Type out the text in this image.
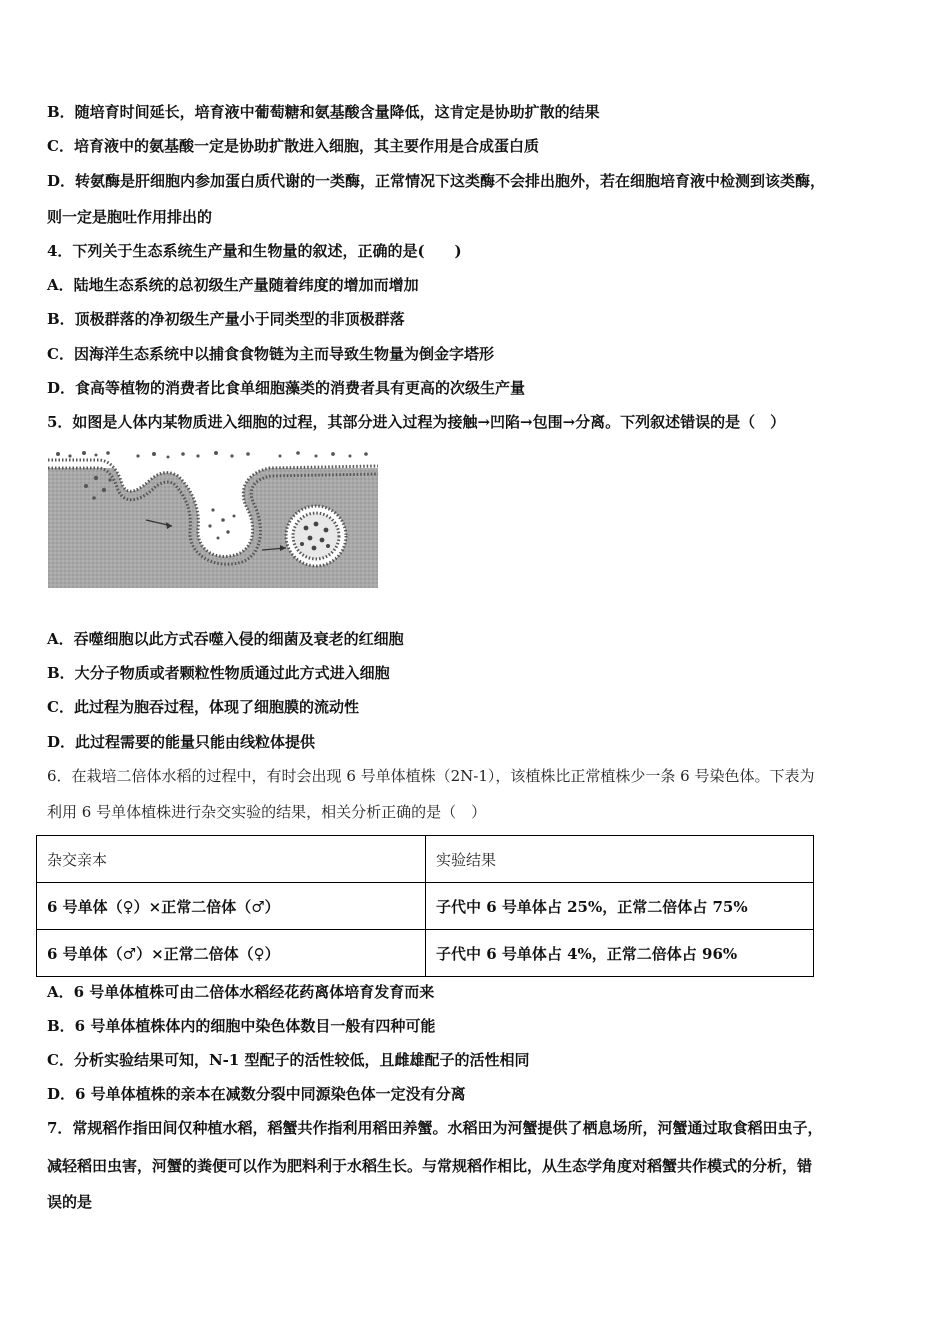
B．随培育时间延长，培育液中葡萄糖和氨基酸含量降低，这肯定是协助扩散的结果
C．培育液中的氨基酸一定是协助扩散进入细胞，其主要作用是合成蛋白质
D．转氨酶是肝细胞内参加蛋白质代谢的一类酶，正常情况下这类酶不会排出胞外，若在细胞培育液中检测到该类酶，
则一定是胞吐作用排出的
4．下列关于生态系统生产量和生物量的叙述，正确的是(　　)
A．陆地生态系统的总初级生产量随着纬度的增加而增加
B．顶极群落的净初级生产量小于同类型的非顶极群落
C．因海洋生态系统中以捕食食物链为主而导致生物量为倒金字塔形
D．食高等植物的消费者比食单细胞藻类的消费者具有更高的次级生产量
5．如图是人体内某物质进入细胞的过程，其部分进入过程为接触→凹陷→包围→分离。下列叙述错误的是（　）
A．吞噬细胞以此方式吞噬入侵的细菌及衰老的红细胞
B．大分子物质或者颗粒性物质通过此方式进入细胞
C．此过程为胞吞过程，体现了细胞膜的流动性
D．此过程需要的能量只能由线粒体提供
6．在栽培二倍体水稻的过程中，有时会出现 6 号单体植株（2N-1），该植株比正常植株少一条 6 号染色体。下表为
利用 6 号单体植株进行杂交实验的结果，相关分析正确的是（　）
杂交亲本	实验结果
6 号单体（♀）×正常二倍体（♂）	子代中 6 号单体占 25%，正常二倍体占 75%
6 号单体（♂）×正常二倍体（♀）	子代中 6 号单体占 4%，正常二倍体占 96%
A．6 号单体植株可由二倍体水稻经花药离体培育发育而来
B．6 号单体植株体内的细胞中染色体数目一般有四种可能
C．分析实验结果可知，N-1 型配子的活性较低，且雌雄配子的活性相同
D．6 号单体植株的亲本在减数分裂中同源染色体一定没有分离
7．常规稻作指田间仅种植水稻，稻蟹共作指利用稻田养蟹。水稻田为河蟹提供了栖息场所，河蟹通过取食稻田虫子，
减轻稻田虫害，河蟹的粪便可以作为肥料利于水稻生长。与常规稻作相比，从生态学角度对稻蟹共作模式的分析，错
误的是
